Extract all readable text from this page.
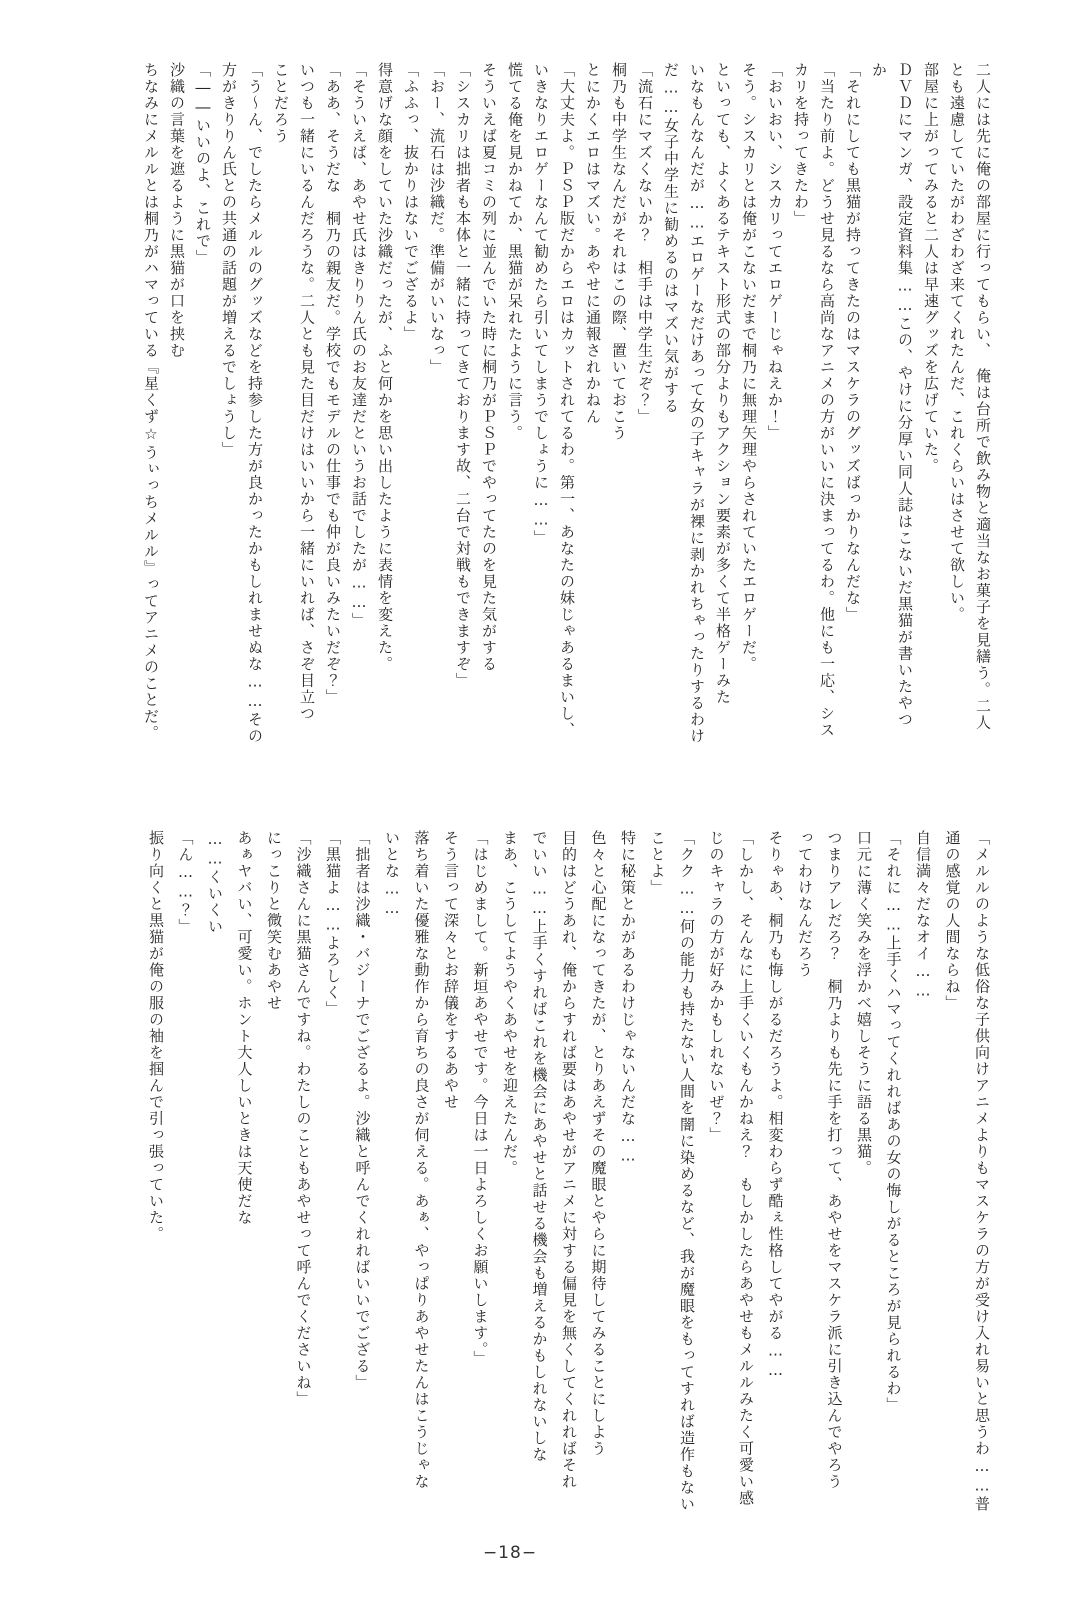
二人には先に俺の部屋に行ってもらい、　俺は台所で飲み物と適当なお菓子を見繕う。二人
とも遠慮していたがわざわざ来てくれたんだ、これくらいはさせて欲しい。
部屋に上がってみると二人は早速グッズを広げていた。
ＤＶＤにマンガ、設定資料集……この、やけに分厚い同人誌はこないだ黒猫が書いたやつ
か
「それにしても黒猫が持ってきたのはマスケラのグッズばっかりなんだな」
「当たり前よ。どうせ見るなら高尚なアニメの方がいいに決まってるわ。他にも一応、シス
カリを持ってきたわ」
「おいおい、シスカリってエロゲーじゃねえか！」
そう。シスカリとは俺がこないだまで桐乃に無理矢理やらされていたエロゲーだ。
といっても、よくあるテキスト形式の部分よりもアクション要素が多くて半格ゲーみた
いなもんなんだが……エロゲーなだけあって女の子キャラが裸に剥かれちゃったりするわけ
だ……女子中学生に勧めるのはマズい気がする
「流石にマズくないか？　相手は中学生だぞ？」
桐乃も中学生なんだがそれはこの際、置いておこう
とにかくエロはマズい。あやせに通報されかねん
「大丈夫よ。ＰＳＰ版だからエロはカットされてるわ。第一、あなたの妹じゃあるまいし、
いきなりエロゲーなんて勧めたら引いてしまうでしょうに……」
慌てる俺を見かねてか、黒猫が呆れたように言う。
そういえば夏コミの列に並んでいた時に桐乃がＰＳＰでやってたのを見た気がする
「シスカリは拙者も本体と一緒に持ってきております故、二台で対戦もできますぞ」
「おー、流石は沙織だ。準備がいいなっ」
「ふふっ、抜かりはないでござるよ」
得意げな顔をしていた沙織だったが、ふと何かを思い出したように表情を変えた。
「そういえば、あやせ氏はきりりん氏のお友達だというお話でしたが……」
「ああ、そうだな　桐乃の親友だ。学校でもモデルの仕事でも仲が良いみたいだぞ？」
いつも一緒にいるんだろうな。二人とも見た目だけはいいから一緒にいれば、さぞ目立つ
ことだろう
「う〜ん、でしたらメルルのグッズなどを持参した方が良かったかもしれませぬな……その
方がきりりん氏との共通の話題が増えるでしょうし」
「――いいのよ、これで」
沙織の言葉を遮るように黒猫が口を挟む
ちなみにメルルとは桐乃がハマっている『星くず☆うぃっちメルル』ってアニメのことだ。
「メルルのような低俗な子供向けアニメよりもマスケラの方が受け入れ易いと思うわ……普
通の感覚の人間ならね」
自信満々だなオイ……
「それに……上手くハマってくれればあの女の悔しがるところが見られるわ」
口元に薄く笑みを浮かべ嬉しそうに語る黒猫。
つまりアレだろ？　桐乃よりも先に手を打って、あやせをマスケラ派に引き込んでやろう
ってわけなんだろう
そりゃあ、桐乃も悔しがるだろうよ。相変わらず酷ぇ性格してやがる……
「しかし、そんなに上手くいくもんかねえ？　もしかしたらあやせもメルルみたく可愛い感
じのキャラの方が好みかもしれないぜ？」
「クク……何の能力も持たない人間を闇に染めるなど、我が魔眼をもってすれば造作もない
ことよ」
特に秘策とかがあるわけじゃないんだな……
色々と心配になってきたが、とりあえずその魔眼とやらに期待してみることにしよう
目的はどうあれ、俺からすれば要はあやせがアニメに対する偏見を無くしてくれればそれ
でいい……上手くすればこれを機会にあやせと話せる機会も増えるかもしれないしな
まあ、こうしてようやくあやせを迎えたんだ。
「はじめまして。新垣あやせです。今日は一日よろしくお願いします。」
そう言って深々とお辞儀をするあやせ
落ち着いた優雅な動作から育ちの良さが伺える。あぁ、やっぱりあやせたんはこうじゃな
いとな……
「拙者は沙織・バジーナでござるよ。沙織と呼んでくれればいいでござる」
「黒猫よ……よろしく」
「沙織さんに黒猫さんですね。わたしのこともあやせって呼んでくださいね」
にっこりと微笑むあやせ
あぁヤバい、可愛い。ホント大人しいときは天使だな
……くいくい
「ん……？」
振り向くと黒猫が俺の服の袖を掴んで引っ張っていた。
−18−
